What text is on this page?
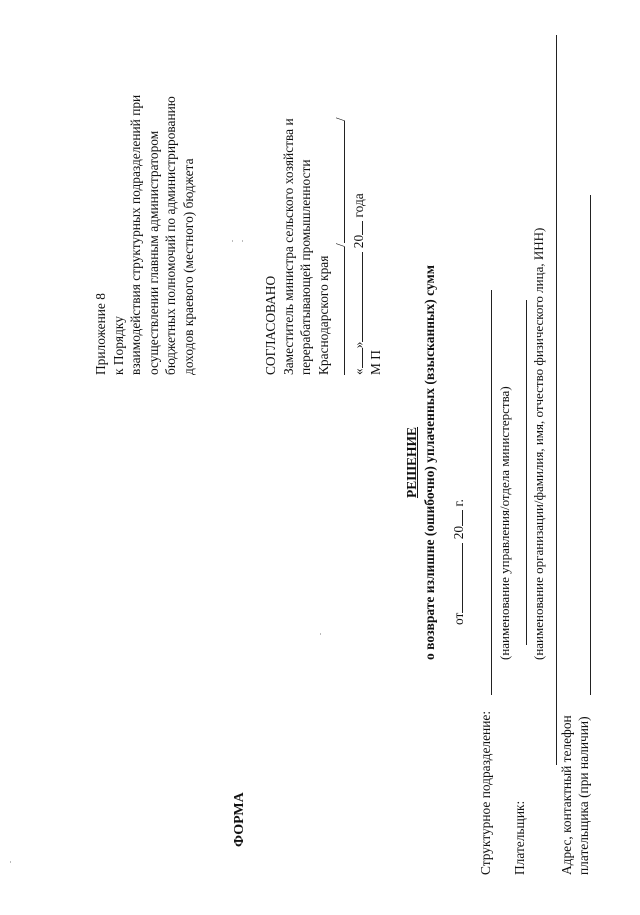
ФОРМА
Приложение 8 к Порядку взаимодействия структурных подразделений при осуществлении главным администратором бюджетных полномочий по администрированию доходов краевого (местного) бюджета	СОГЛАСОВАНО Заместитель министра сельского хозяйства и перерабатывающей промышленности Краснодарского края
//
«» 20 года
М П
РЕШЕНИЕ о возврате излишне (ошибочно) уплаченных (взысканных) сумм от 20 г.
Структурное подразделение:
(наименование управления/отдела министерства)
Плательщик:
(наименование организации/фамилия, имя, отчество физического лица, ИНН)
Адрес, контактный телефон плательщика (при наличии)
